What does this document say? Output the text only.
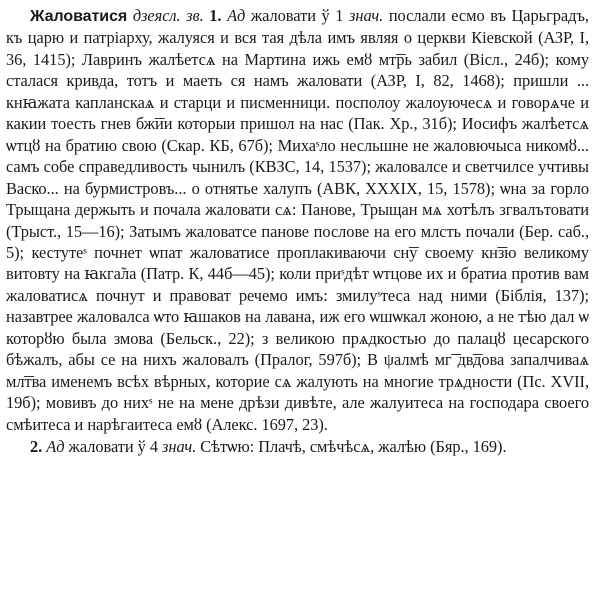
Жаловатися дзеясл. зв. 1. Ад жаловати ў 1 знач. послали есмо въ Царьградъ, къ царю и патріарху, жалуяся и вся тая дѣла имъ являя о церкви Кіевской (АЗР, I, 36, 1415); Лавринъ жалѣетсѧ на Мартина ижь емȣ мт͞рь забил (Вісл., 24б); кому сталася кривда, тотъ и маеть ся намъ жаловати (АЗР, I, 82, 1468); пришли ... кнꙗжата капланскаѧ и старци и писменници. посполоу жалоуючесѧ и говорѧче и какии тоесть гнев бж͞ии которыи пришол на нас (Пак. Хр., 31б); Иосифъ жалѣетсѧ ѡтцȣ на братию свою (Скар. КБ, 67б); Михаˢло несльшне не жаловючыса никомȣ... самъ собе справедливость чынилъ (КВЗС, 14, 1537); жаловалсе и светчилсе учтивы Васко... на бурмистровъ... о отнятье халупъ (АВК, XXXIX, 15, 1578); ѡна за горло Трыщана держыть и почала жаловати сѧ: Панове, Трыщан мѧ хотѣлъ згвалътовати (Трыст., 15—16); Затымъ жаловатсе панове послове на его млсть почали (Бер. саб., 5); кестутеˢ почнет ѡпат жаловатисе проплакиваючи сн͞у своему кн͞зю великому витовту на ꙗкга̃ла (Патр. К, 44б—45); коли приˢдѣт ѡтцове их и братиа против вам жаловатисѧ почнут и правоват речемо имъ: змилуˢтеса над ними (Біблія, 137); назавтрее жаловалса ѡто ꙗшаков на лавана, иж его ѡшѡкал жоною, а не тѣю дал ѡ которȣю была змова (Бельск., 22); з великою прѧдкостью до палацȣ цесарского бѣжалъ, абы се на нихъ жаловалъ (Пралог, 597б); В ψалмѣ мг͞ дв͞дова запалчиваѧ мл͞тва именемъ всѣх вѣрных, которие сѧ жалують на многие трѧдности (Пс. XVII, 19б); мовивъ до нихˢ не на мене дрѣзи дивѣте, але жалуитеса на господара своего смѣитеса и нарѣгаитеса емȣ (Алекс. 1697, 23).

2. Ад жаловати ў 4 знач. Сѣтѡю: Плачѣ, смѣчѣсѧ, жалѣю (Бяр., 169).
